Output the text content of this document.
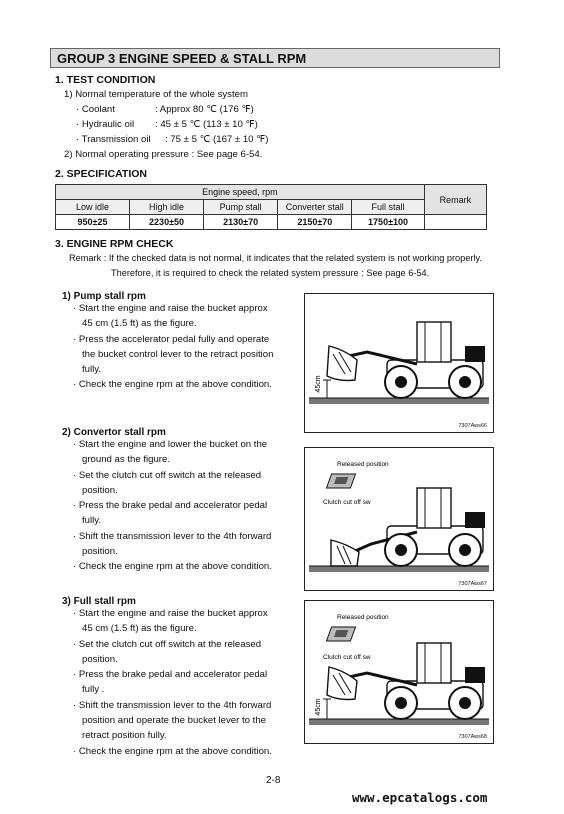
GROUP 3 ENGINE SPEED & STALL RPM
1. TEST CONDITION
1) Normal temperature of the whole system
· Coolant	: Approx 80 ℃ (176 ℉)
· Hydraulic oil : 45 ± 5 ℃ (113 ± 10 ℉)
· Transmission oil : 75 ± 5 ℃ (167 ± 10 ℉)
2) Normal operating pressure : See page 6-54.
2. SPECIFICATION
Engine speed, rpm					Remark
Low idle	High idle	Pump stall	Converter stall	Full stall	
950±25	2230±50	2130±70	2150±70	1750±100	
3. ENGINE RPM CHECK
Remark : If the checked data is not normal, it indicates that the related system is not working properly.
Therefore, it is required to check the related system pressure : See page 6-54.
1) Pump stall rpm
· Start the engine and raise the bucket approx
45 cm (1.5 ft) as the figure.
· Press the accelerator pedal fully and operate
the bucket control lever to the retract position
fully.
· Check the engine rpm at the above condition.	45cm
7307Aws66
2) Convertor stall rpm
· Start the engine and lower the bucket on the
ground as the figure.
· Set the clutch cut off switch at the released
position.
· Press the brake pedal and accelerator pedal
fully.
· Shift the transmission lever to the 4th forward
position.
· Check the engine rpm at the above condition.
Released position
Clutch cut off sw
7307Aws67
3) Full stall rpm
· Start the engine and raise the bucket approx
45 cm (1.5 ft) as the figure.
· Set the clutch cut off switch at the released
position.
· Press the brake pedal and accelerator pedal
fully .
· Shift the transmission lever to the 4th forward
position and operate the bucket lever to the
retract position fully.
· Check the engine rpm at the above condition.
Released position
Clutch cut off sw
45cm
7307Aws68
2-8
www.epcatalogs.com
